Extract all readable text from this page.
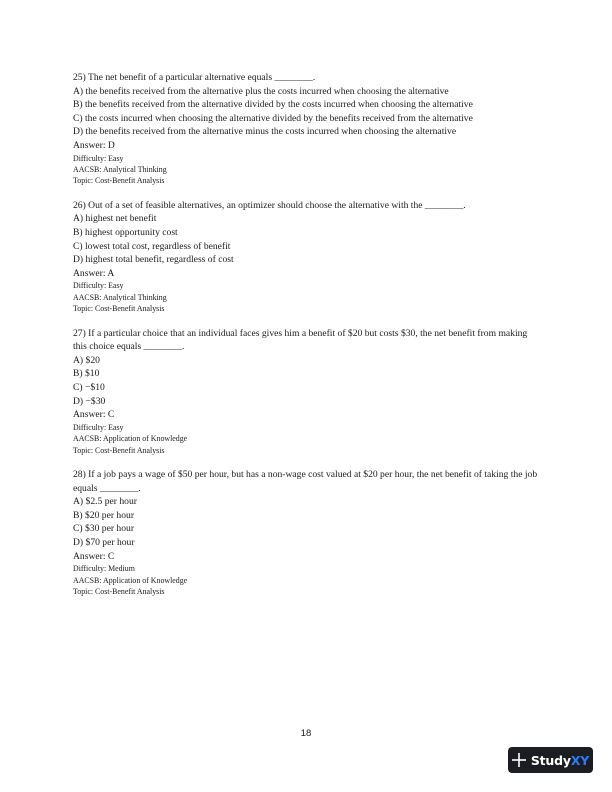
25) The net benefit of a particular alternative equals ________.
A) the benefits received from the alternative plus the costs incurred when choosing the alternative
B) the benefits received from the alternative divided by the costs incurred when choosing the alternative
C) the costs incurred when choosing the alternative divided by the benefits received from the alternative
D) the benefits received from the alternative minus the costs incurred when choosing the alternative
Answer: D
Difficulty: Easy
AACSB: Analytical Thinking
Topic: Cost-Benefit Analysis
26) Out of a set of feasible alternatives, an optimizer should choose the alternative with the ________.
A) highest net benefit
B) highest opportunity cost
C) lowest total cost, regardless of benefit
D) highest total benefit, regardless of cost
Answer: A
Difficulty: Easy
AACSB: Analytical Thinking
Topic: Cost-Benefit Analysis
27) If a particular choice that an individual faces gives him a benefit of $20 but costs $30, the net benefit from making this choice equals ________.
A) $20
B) $10
C) −$10
D) −$30
Answer: C
Difficulty: Easy
AACSB: Application of Knowledge
Topic: Cost-Benefit Analysis
28) If a job pays a wage of $50 per hour, but has a non-wage cost valued at $20 per hour, the net benefit of taking the job equals ________.
A) $2.5 per hour
B) $20 per hour
C) $30 per hour
D) $70 per hour
Answer: C
Difficulty: Medium
AACSB: Application of Knowledge
Topic: Cost-Benefit Analysis
18
StudyXY
